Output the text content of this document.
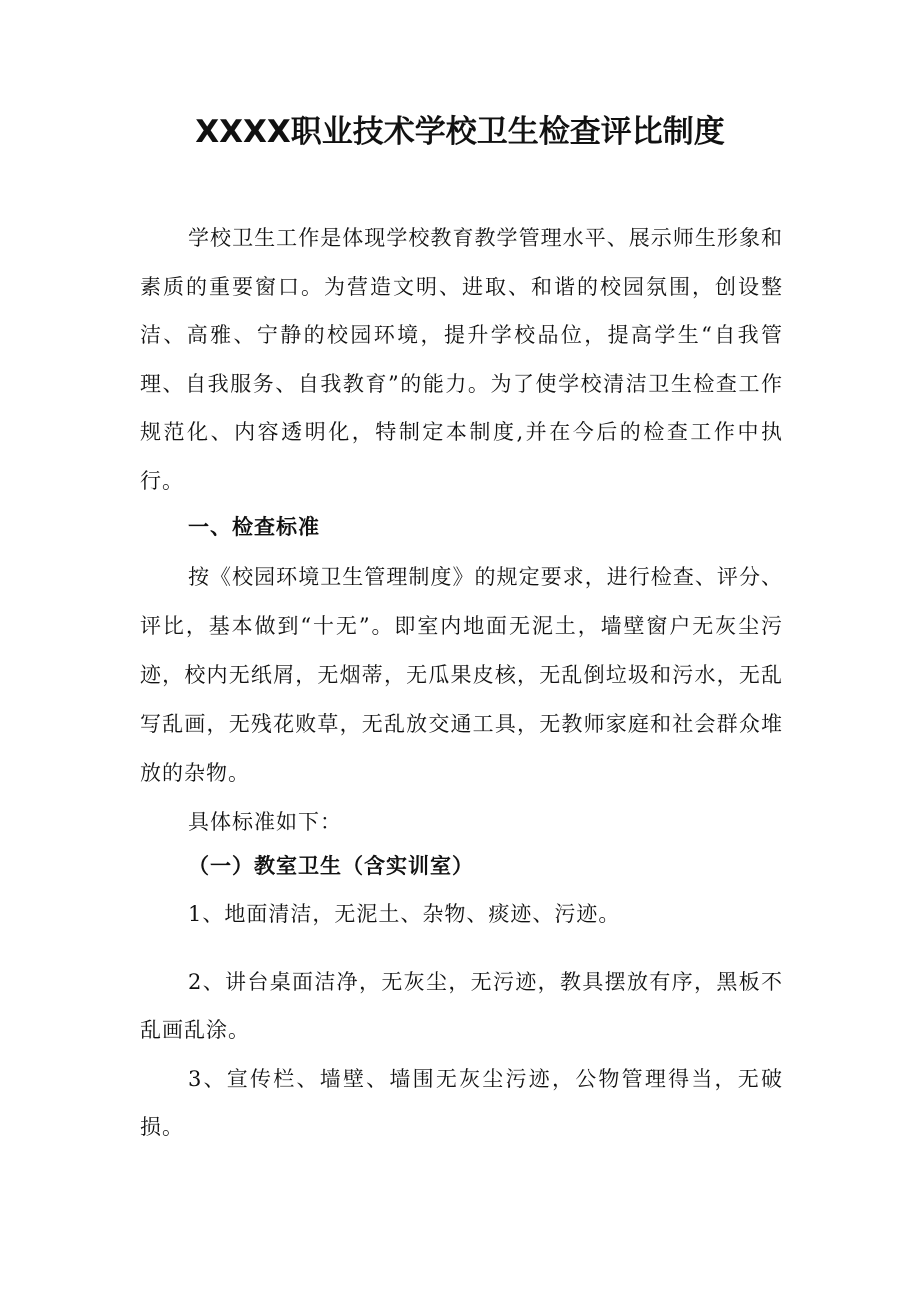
XXXX职业技术学校卫生检查评比制度

学校卫生工作是体现学校教育教学管理水平、展示师生形象和素质的重要窗口。为营造文明、进取、和谐的校园氛围，创设整洁、高雅、宁静的校园环境，提升学校品位，提高学生“自我管理、自我服务、自我教育”的能力。为了使学校清洁卫生检查工作规范化、内容透明化，特制定本制度,并在今后的检查工作中执行。

一、检查标准

按《校园环境卫生管理制度》的规定要求，进行检查、评分、评比，基本做到“十无”。即室内地面无泥土，墙壁窗户无灰尘污迹，校内无纸屑，无烟蒂，无瓜果皮核，无乱倒垃圾和污水，无乱写乱画，无残花败草，无乱放交通工具，无教师家庭和社会群众堆放的杂物。

具体标准如下：

（一）教室卫生（含实训室）

1、地面清洁，无泥土、杂物、痰迹、污迹。

2、讲台桌面洁净，无灰尘，无污迹，教具摆放有序，黑板不乱画乱涂。

3、宣传栏、墙壁、墙围无灰尘污迹，公物管理得当，无破损。
